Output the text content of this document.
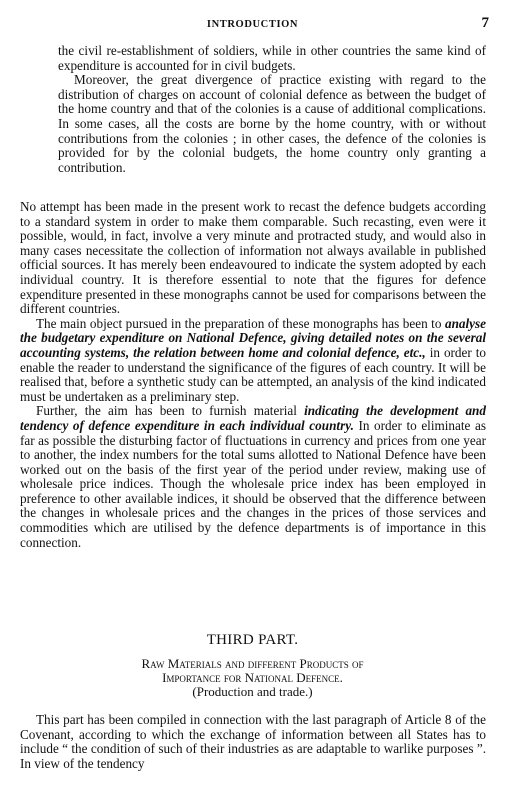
INTRODUCTION	7

the civil re-establishment of soldiers, while in other countries the same kind of expenditure is accounted for in civil budgets.

Moreover, the great divergence of practice existing with regard to the distribution of charges on account of colonial defence as between the budget of the home country and that of the colonies is a cause of additional complications. In some cases, all the costs are borne by the home country, with or without contributions from the colonies ; in other cases, the defence of the colonies is provided for by the colonial budgets, the home country only granting a contribution.

No attempt has been made in the present work to recast the defence budgets according to a standard system in order to make them comparable. Such recasting, even were it possible, would, in fact, involve a very minute and protracted study, and would also in many cases necessitate the collection of information not always available in published official sources. It has merely been endeavoured to indicate the system adopted by each individual country. It is therefore essential to note that the figures for defence expenditure presented in these monographs cannot be used for comparisons between the different countries.

The main object pursued in the preparation of these monographs has been to analyse the budgetary expenditure on National Defence, giving detailed notes on the several accounting systems, the relation between home and colonial defence, etc., in order to enable the reader to understand the significance of the figures of each country. It will be realised that, before a synthetic study can be attempted, an analysis of the kind indicated must be undertaken as a preliminary step.

Further, the aim has been to furnish material indicating the development and tendency of defence expenditure in each individual country. In order to eliminate as far as possible the disturbing factor of fluctuations in currency and prices from one year to another, the index numbers for the total sums allotted to National Defence have been worked out on the basis of the first year of the period under review, making use of wholesale price indices. Though the wholesale price index has been employed in preference to other available indices, it should be observed that the difference between the changes in wholesale prices and the changes in the prices of those services and commodities which are utilised by the defence departments is of importance in this connection.

THIRD PART.
Raw Materials and different Products of
Importance for National Defence.
(Production and trade.)

This part has been compiled in connection with the last paragraph of Article 8 of the Covenant, according to which the exchange of information between all States has to include “ the condition of such of their industries as are adaptable to warlike purposes ”. In view of the tendency
